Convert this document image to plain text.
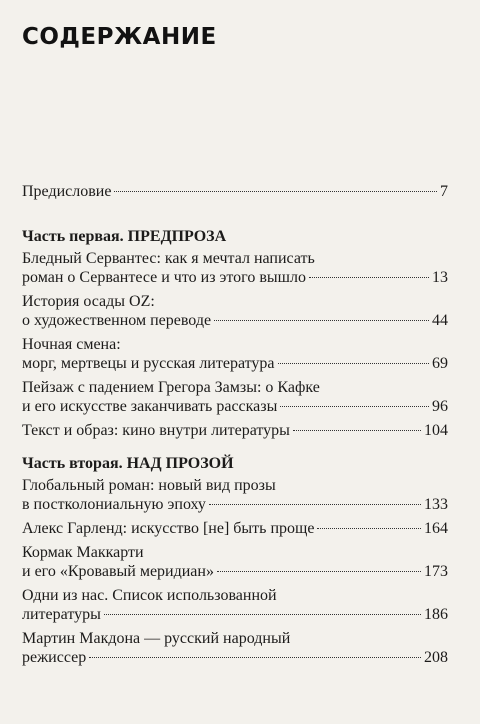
СОДЕРЖАНИЕ
Предисловие	7
Часть первая. ПРЕДПРОЗА
Бледный Сервантес: как я мечтал написать
роман о Сервантесе и что из этого вышло	13
История осады OZ:
о художественном переводе	44
Ночная смена:
морг, мертвецы и русская литература	69
Пейзаж с падением Грегора Замзы: о Кафке
и его искусстве заканчивать рассказы	96
Текст и образ: кино внутри литературы	104
Часть вторая. НАД ПРОЗОЙ
Глобальный роман: новый вид прозы
в постколониальную эпоху	133
Алекс Гарленд: искусство [не] быть проще	164
Кормак Маккарти
и его «Кровавый меридиан»	173
Одни из нас. Список использованной
литературы	186
Мартин Макдона — русский народный
режиссер	208
